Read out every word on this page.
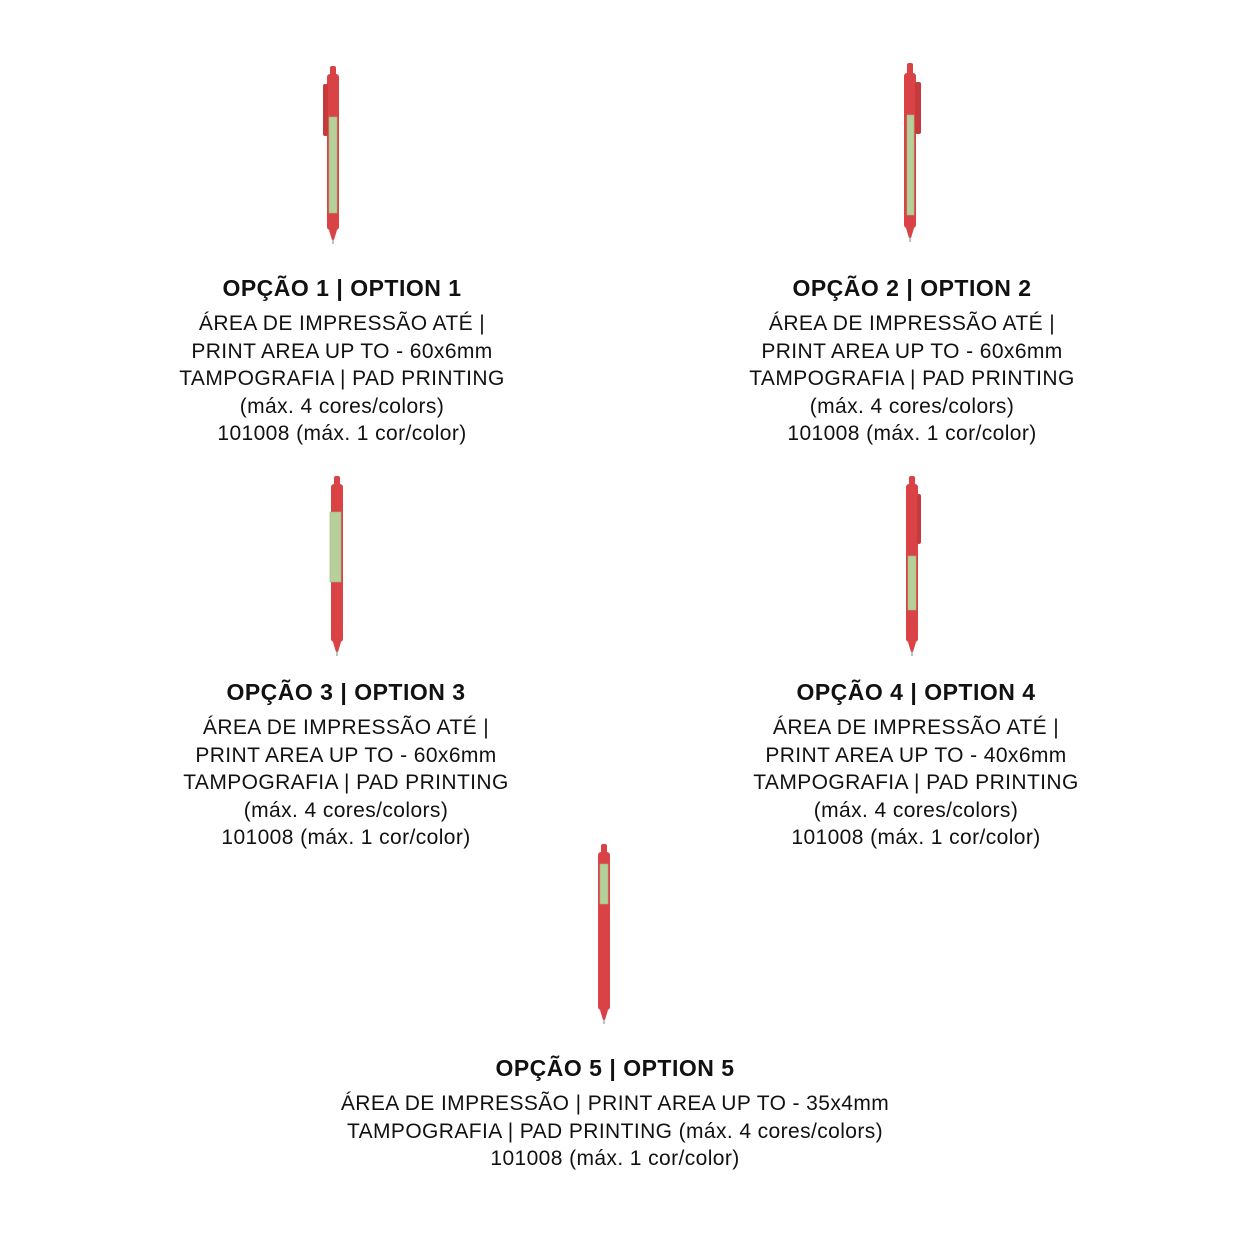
OPÇÃO 1 | OPTION 1
ÁREA DE IMPRESSÃO ATÉ |
PRINT AREA UP TO - 60x6mm
TAMPOGRAFIA | PAD PRINTING
(máx. 4 cores/colors)
101008 (máx. 1 cor/color)
OPÇÃO 2 | OPTION 2
ÁREA DE IMPRESSÃO ATÉ |
PRINT AREA UP TO - 60x6mm
TAMPOGRAFIA | PAD PRINTING
(máx. 4 cores/colors)
101008 (máx. 1 cor/color)
OPÇÃO 3 | OPTION 3
ÁREA DE IMPRESSÃO ATÉ |
PRINT AREA UP TO - 60x6mm
TAMPOGRAFIA | PAD PRINTING
(máx. 4 cores/colors)
101008 (máx. 1 cor/color)
OPÇÃO 4 | OPTION 4
ÁREA DE IMPRESSÃO ATÉ |
PRINT AREA UP TO - 40x6mm
TAMPOGRAFIA | PAD PRINTING
(máx. 4 cores/colors)
101008 (máx. 1 cor/color)
OPÇÃO 5 | OPTION 5
ÁREA DE IMPRESSÃO | PRINT AREA UP TO - 35x4mm
TAMPOGRAFIA | PAD PRINTING (máx. 4 cores/colors)
101008 (máx. 1 cor/color)
